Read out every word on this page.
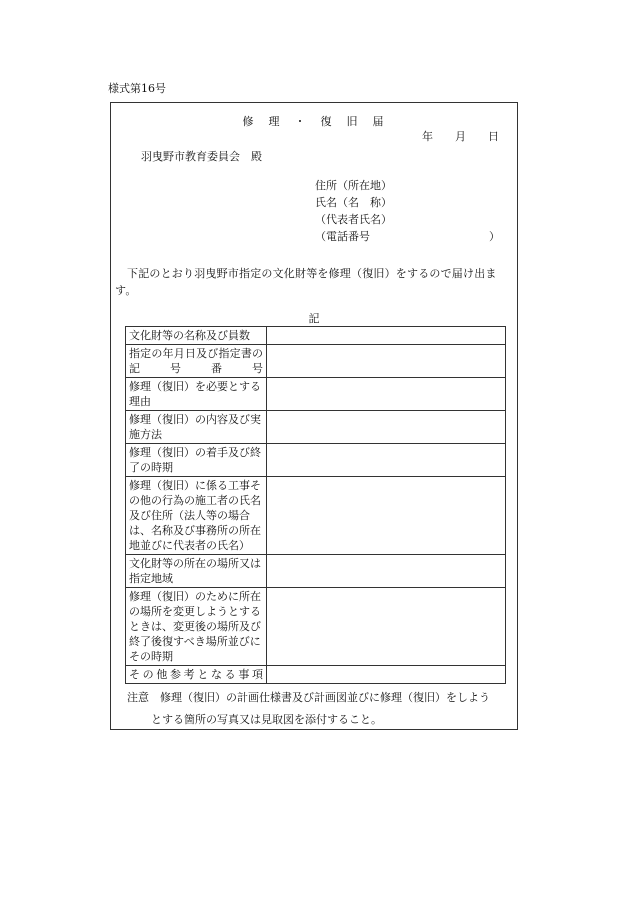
様式第16号
修　理　・　復　旧　届
年　　月　　日
羽曳野市教育委員会　殿
住所（所在地）
氏名（名　称）
（代表者氏名）
（電話番号	）
下記のとおり羽曳野市指定の文化財等を修理（復旧）をするので届け出ます。
記
文化財等の名称及び員数	
指定の年月日及び指定書の記号番号	
修理（復旧）を必要とする理由	
修理（復旧）の内容及び実施方法	
修理（復旧）の着手及び終了の時期	
修理（復旧）に係る工事その他の行為の施工者の氏名及び住所（法人等の場合は、名称及び事務所の所在地並びに代表者の氏名）	
文化財等の所在の場所又は指定地域	
修理（復旧）のために所在の場所を変更しようとするときは、変更後の場所及び終了後復すべき場所並びにその時期	
その他参考となる事項	
注意　修理（復旧）の計画仕様書及び計画図並びに修理（復旧）をしよう
とする箇所の写真又は見取図を添付すること。
